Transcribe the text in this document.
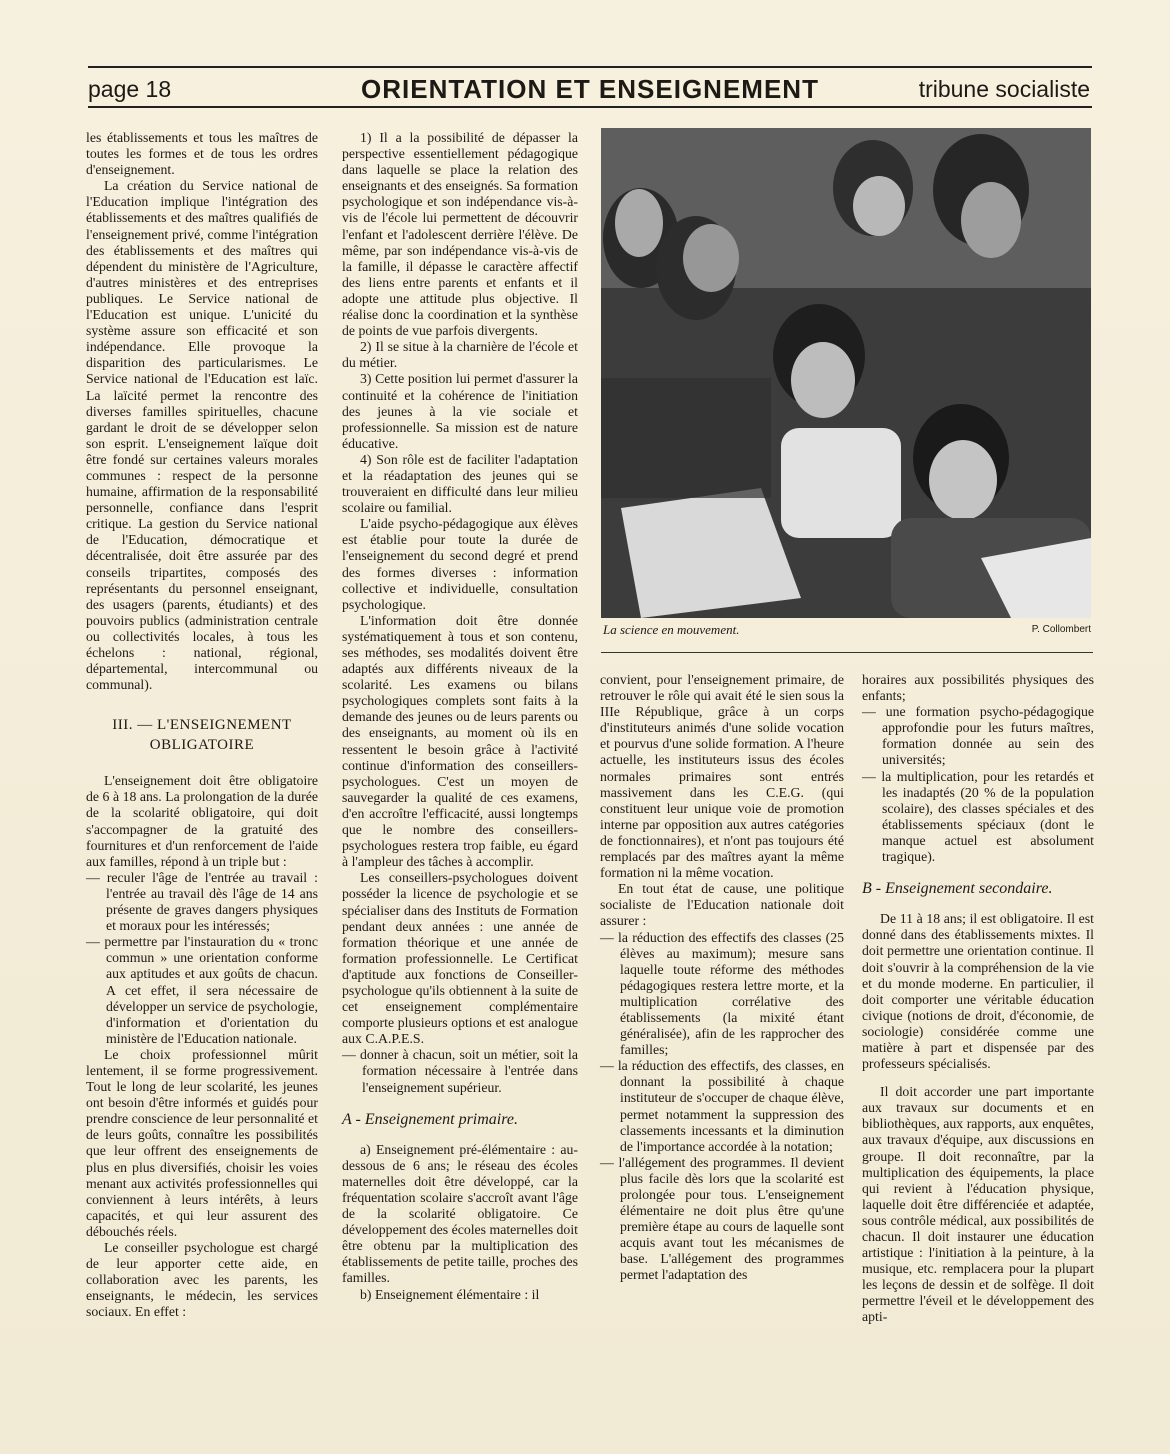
page 18	ORIENTATION ET ENSEIGNEMENT	tribune socialiste

les établissements et tous les maîtres de toutes les formes et de tous les ordres d'enseignement.

La création du Service national de l'Education implique l'intégration des établissements et des maîtres qualifiés de l'enseignement privé, comme l'intégration des établissements et des maîtres qui dépendent du ministère de l'Agriculture, d'autres ministères et des entreprises publiques. Le Service national de l'Education est unique. L'unicité du système assure son efficacité et son indépendance. Elle provoque la disparition des particularismes. Le Service national de l'Education est laïc. La laïcité permet la rencontre des diverses familles spirituelles, chacune gardant le droit de se développer selon son esprit. L'enseignement laïque doit être fondé sur certaines valeurs morales communes : respect de la personne humaine, affirmation de la responsabilité personnelle, confiance dans l'esprit critique. La gestion du Service national de l'Education, démocratique et décentralisée, doit être assurée par des conseils tripartites, composés des représentants du personnel enseignant, des usagers (parents, étudiants) et des pouvoirs publics (administration centrale ou collectivités locales, à tous les échelons : national, régional, départemental, intercommunal ou communal).

III. — L'ENSEIGNEMENT OBLIGATOIRE

L'enseignement doit être obligatoire de 6 à 18 ans. La prolongation de la durée de la scolarité obligatoire, qui doit s'accompagner de la gratuité des fournitures et d'un renforcement de l'aide aux familles, répond à un triple but :

— reculer l'âge de l'entrée au travail : l'entrée au travail dès l'âge de 14 ans présente de graves dangers physiques et moraux pour les intéressés;

— permettre par l'instauration du « tronc commun » une orientation conforme aux aptitudes et aux goûts de chacun. A cet effet, il sera nécessaire de développer un service de psychologie, d'information et d'orientation du ministère de l'Education nationale.

Le choix professionnel mûrit lentement, il se forme progressivement. Tout le long de leur scolarité, les jeunes ont besoin d'être informés et guidés pour prendre conscience de leur personnalité et de leurs goûts, connaître les possibilités que leur offrent des enseignements de plus en plus diversifiés, choisir les voies menant aux activités professionnelles qui conviennent à leurs intérêts, à leurs capacités, et qui leur assurent des débouchés réels.

Le conseiller psychologue est chargé de leur apporter cette aide, en collaboration avec les parents, les enseignants, le médecin, les services sociaux. En effet :

1) Il a la possibilité de dépasser la perspective essentiellement pédagogique dans laquelle se place la relation des enseignants et des enseignés. Sa formation psychologique et son indépendance vis-à-vis de l'école lui permettent de découvrir l'enfant et l'adolescent derrière l'élève. De même, par son indépendance vis-à-vis de la famille, il dépasse le caractère affectif des liens entre parents et enfants et il adopte une attitude plus objective. Il réalise donc la coordination et la synthèse de points de vue parfois divergents.

2) Il se situe à la charnière de l'école et du métier.

3) Cette position lui permet d'assurer la continuité et la cohérence de l'initiation des jeunes à la vie sociale et professionnelle. Sa mission est de nature éducative.

4) Son rôle est de faciliter l'adaptation et la réadaptation des jeunes qui se trouveraient en difficulté dans leur milieu scolaire ou familial.

L'aide psycho-pédagogique aux élèves est établie pour toute la durée de l'enseignement du second degré et prend des formes diverses : information collective et individuelle, consultation psychologique.

L'information doit être donnée systématiquement à tous et son contenu, ses méthodes, ses modalités doivent être adaptés aux différents niveaux de la scolarité. Les examens ou bilans psychologiques complets sont faits à la demande des jeunes ou de leurs parents ou des enseignants, au moment où ils en ressentent le besoin grâce à l'activité continue d'information des conseillers-psychologues. C'est un moyen de sauvegarder la qualité de ces examens, d'en accroître l'efficacité, aussi longtemps que le nombre des conseillers-psychologues restera trop faible, eu égard à l'ampleur des tâches à accomplir.

Les conseillers-psychologues doivent posséder la licence de psychologie et se spécialiser dans des Instituts de Formation pendant deux années : une année de formation théorique et une année de formation professionnelle. Le Certificat d'aptitude aux fonctions de Conseiller-psychologue qu'ils obtiennent à la suite de cet enseignement complémentaire comporte plusieurs options et est analogue aux C.A.P.E.S.

— donner à chacun, soit un métier, soit la formation nécessaire à l'entrée dans l'enseignement supérieur.

A - Enseignement primaire.

a) Enseignement pré-élémentaire : au-dessous de 6 ans; le réseau des écoles maternelles doit être développé, car la fréquentation scolaire s'accroît avant l'âge de la scolarité obligatoire. Ce développement des écoles maternelles doit être obtenu par la multiplication des établissements de petite taille, proches des familles.

b) Enseignement élémentaire : il

La science en mouvement.	P. Collombert

convient, pour l'enseignement primaire, de retrouver le rôle qui avait été le sien sous la IIIe République, grâce à un corps d'instituteurs animés d'une solide vocation et pourvus d'une solide formation. A l'heure actuelle, les instituteurs issus des écoles normales primaires sont entrés massivement dans les C.E.G. (qui constituent leur unique voie de promotion interne par opposition aux autres catégories de fonctionnaires), et n'ont pas toujours été remplacés par des maîtres ayant la même formation ni la même vocation.

En tout état de cause, une politique socialiste de l'Education nationale doit assurer :

— la réduction des effectifs des classes (25 élèves au maximum); mesure sans laquelle toute réforme des méthodes pédagogiques restera lettre morte, et la multiplication corrélative des établissements (la mixité étant généralisée), afin de les rapprocher des familles;

— la réduction des effectifs, des classes, en donnant la possibilité à chaque instituteur de s'occuper de chaque élève, permet notamment la suppression des classements incessants et la diminution de l'importance accordée à la notation;

— l'allégement des programmes. Il devient plus facile dès lors que la scolarité est prolongée pour tous. L'enseignement élémentaire ne doit plus être qu'une première étape au cours de laquelle sont acquis avant tout les mécanismes de base. L'allégement des programmes permet l'adaptation des

horaires aux possibilités physiques des enfants;

— une formation psycho-pédagogique approfondie pour les futurs maîtres, formation donnée au sein des universités;

— la multiplication, pour les retardés et les inadaptés (20 % de la population scolaire), des classes spéciales et des établissements spéciaux (dont le manque actuel est absolument tragique).

B - Enseignement secondaire.

De 11 à 18 ans; il est obligatoire. Il est donné dans des établissements mixtes. Il doit permettre une orientation continue. Il doit s'ouvrir à la compréhension de la vie et du monde moderne. En particulier, il doit comporter une véritable éducation civique (notions de droit, d'économie, de sociologie) considérée comme une matière à part et dispensée par des professeurs spécialisés.

Il doit accorder une part importante aux travaux sur documents et en bibliothèques, aux rapports, aux enquêtes, aux travaux d'équipe, aux discussions en groupe. Il doit reconnaître, par la multiplication des équipements, la place qui revient à l'éducation physique, laquelle doit être différenciée et adaptée, sous contrôle médical, aux possibilités de chacun. Il doit instaurer une éducation artistique : l'initiation à la peinture, à la musique, etc. remplacera pour la plupart les leçons de dessin et de solfège. Il doit permettre l'éveil et le développement des apti-
